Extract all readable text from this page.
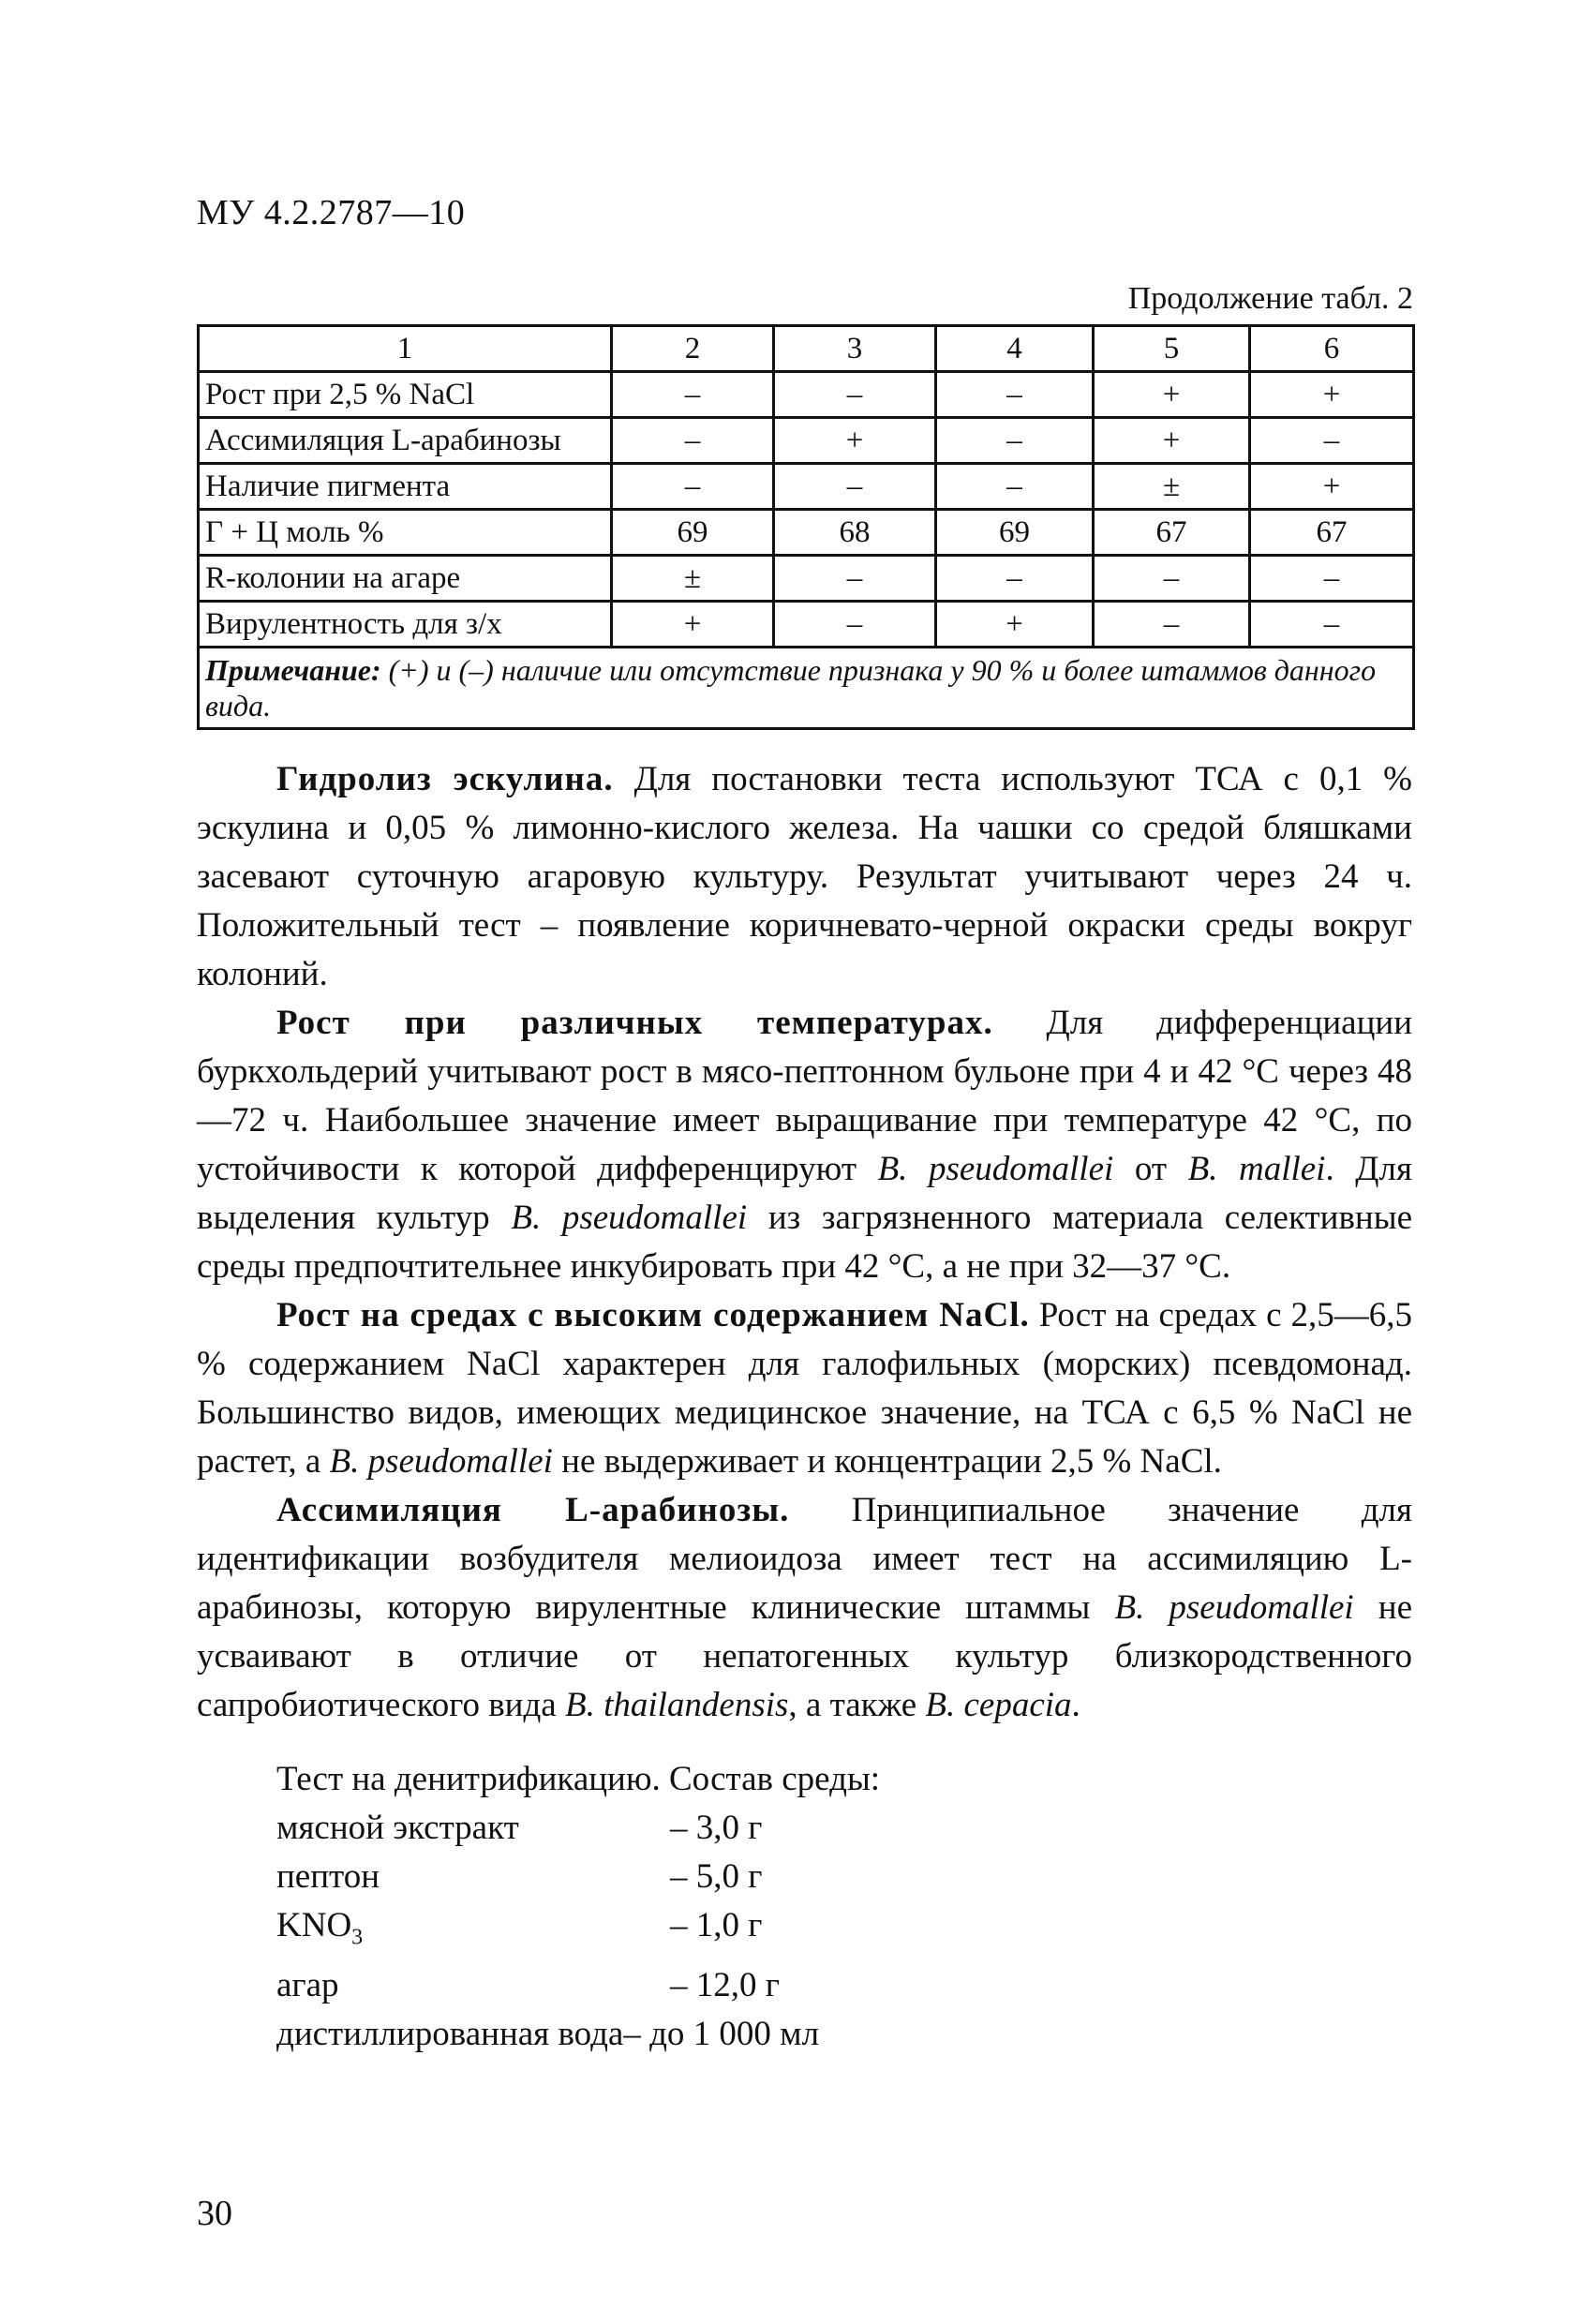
МУ 4.2.2787—10
Продолжение табл. 2
1	2	3	4	5	6
Рост при 2,5 % NaCl	–	–	–	+	+
Ассимиляция L-арабинозы	–	+	–	+	–
Наличие пигмента	–	–	–	±	+
Г + Ц моль %	69	68	69	67	67
R-колонии на агаре	±	–	–	–	–
Вирулентность для з/х	+	–	+	–	–
Примечание: (+) и (–) наличие или отсутствие признака у 90 % и более штаммов данного вида.					

Гидролиз эскулина. Для постановки теста используют ТСА с 0,1 % эскулина и 0,05 % лимонно-кислого железа. На чашки со средой бляшками засевают суточную агаровую культуру. Результат учитывают через 24 ч. Положительный тест – появление коричневато-черной окраски среды вокруг колоний.

Рост при различных температурах. Для дифференциации буркхольдерий учитывают рост в мясо-пептонном бульоне при 4 и 42 °С через 48—72 ч. Наибольшее значение имеет выращивание при температуре 42 °С, по устойчивости к которой дифференцируют B. pseudomallei от B. mallei. Для выделения культур B. pseudomallei из загрязненного материала селективные среды предпочтительнее инкубировать при 42 °С, а не при 32—37 °С.

Рост на средах с высоким содержанием NaCl. Рост на средах с 2,5—6,5 % содержанием NaCl характерен для галофильных (морских) псевдомонад. Большинство видов, имеющих медицинское значение, на ТСА с 6,5 % NaCl не растет, а B. pseudomallei не выдерживает и концентрации 2,5 % NaCl.

Ассимиляция L-арабинозы. Принципиальное значение для идентификации возбудителя мелиоидоза имеет тест на ассимиляцию L-арабинозы, которую вирулентные клинические штаммы B. pseudomallei не усваивают в отличие от непатогенных культур близкородственного сапробиотического вида B. thailandensis, а также B. cepacia.

Тест на денитрификацию. Состав среды:
мясной экстракт	– 3,0 г
пептон	– 5,0 г
$KNO_3$	– 1,0 г
агар	– 12,0 г
дистиллированная вода – до 1 000 мл
30
